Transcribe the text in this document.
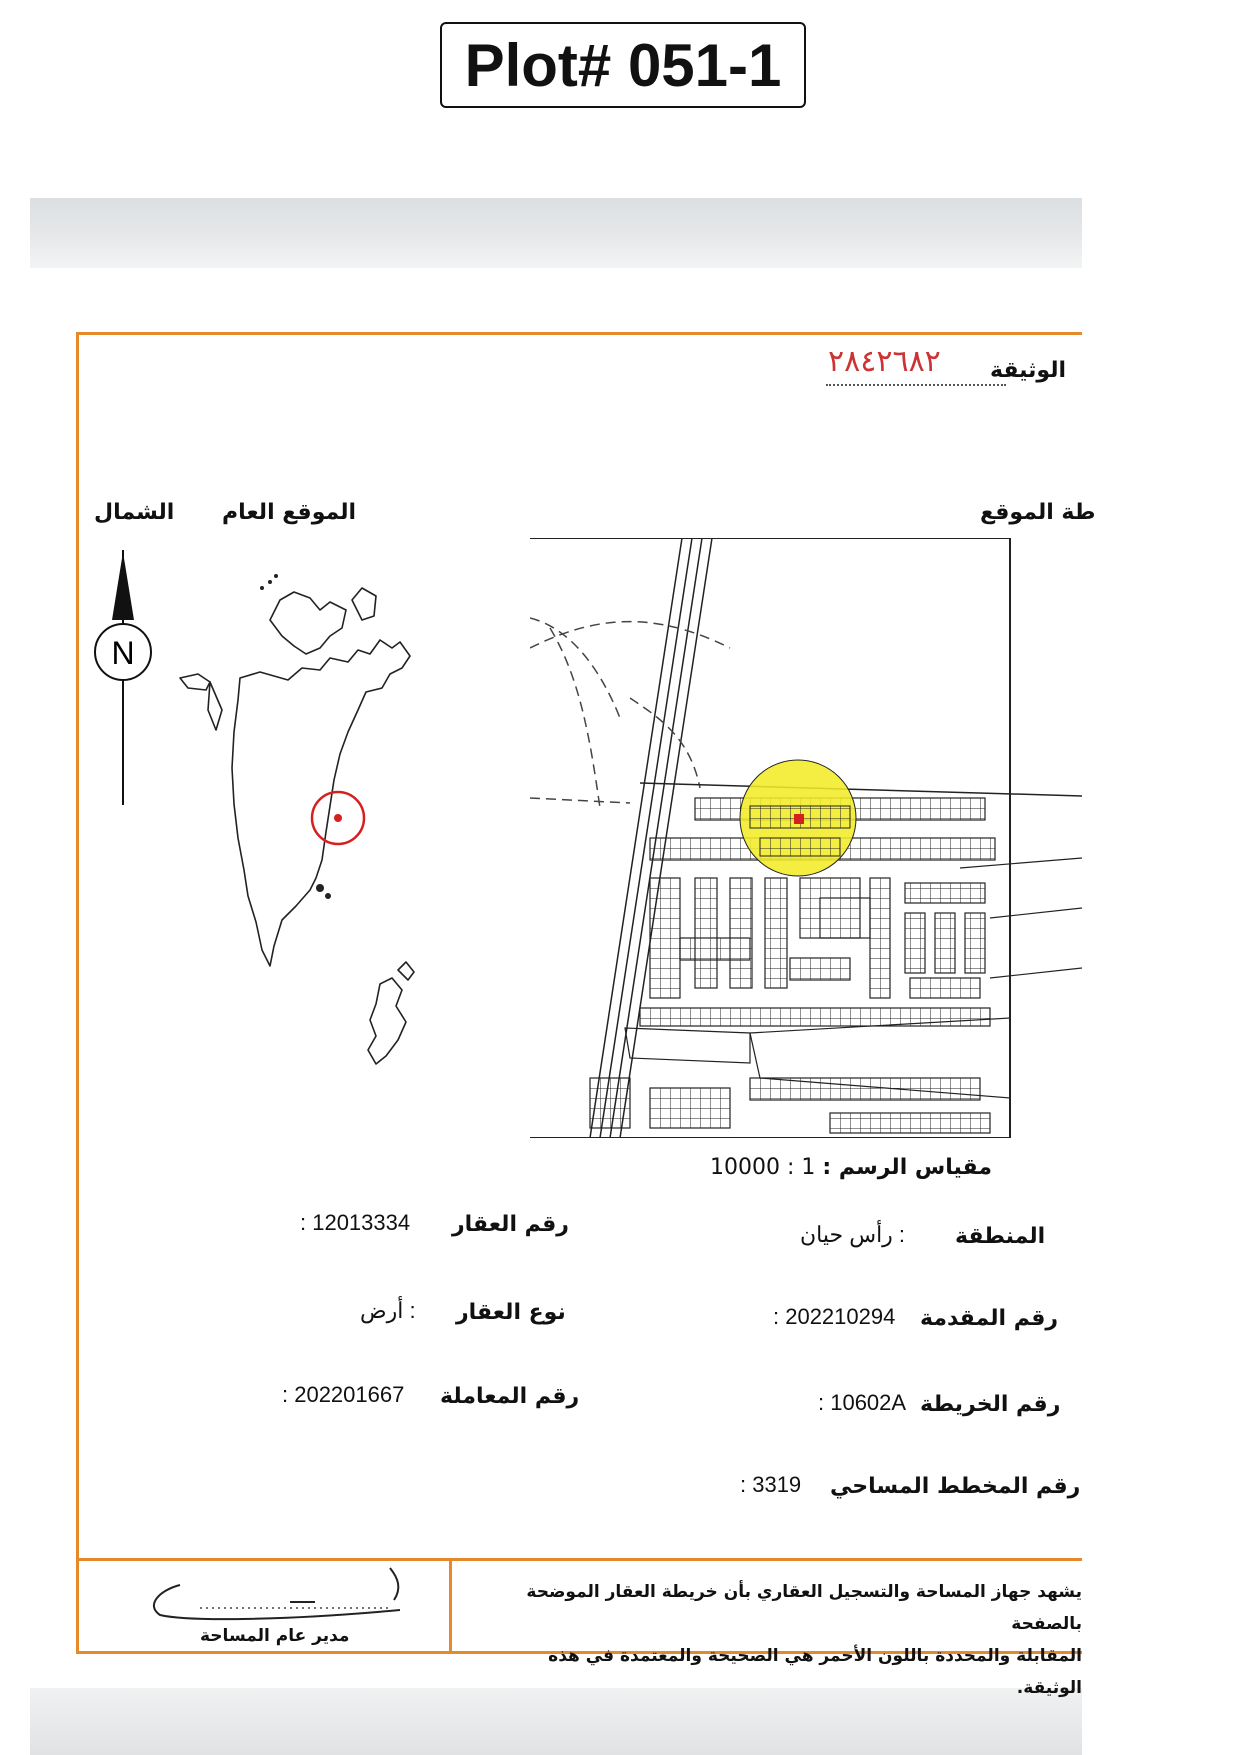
Plot# 051-1
الوثيقة
٢٨٤٢٦٨٢
الشمال الموقع العام	طة الموقع
N
مقياس الرسم : 1 : 10000
المنطقة
: رأس حيان
رقم المقدمة
: 202210294
رقم الخريطة
: 10602A
رقم المخطط المساحي
: 3319
رقم العقار
: 12013334
نوع العقار
: أرض
رقم المعاملة
: 202201667
يشهد جهاز المساحة والتسجيل العقاري بأن خريطة العقار الموضحة بالصفحة
المقابلة والمحددة باللون الأحمر هي الصحيحة والمعتمدة في هذه الوثيقة.
مدير عام المساحة
